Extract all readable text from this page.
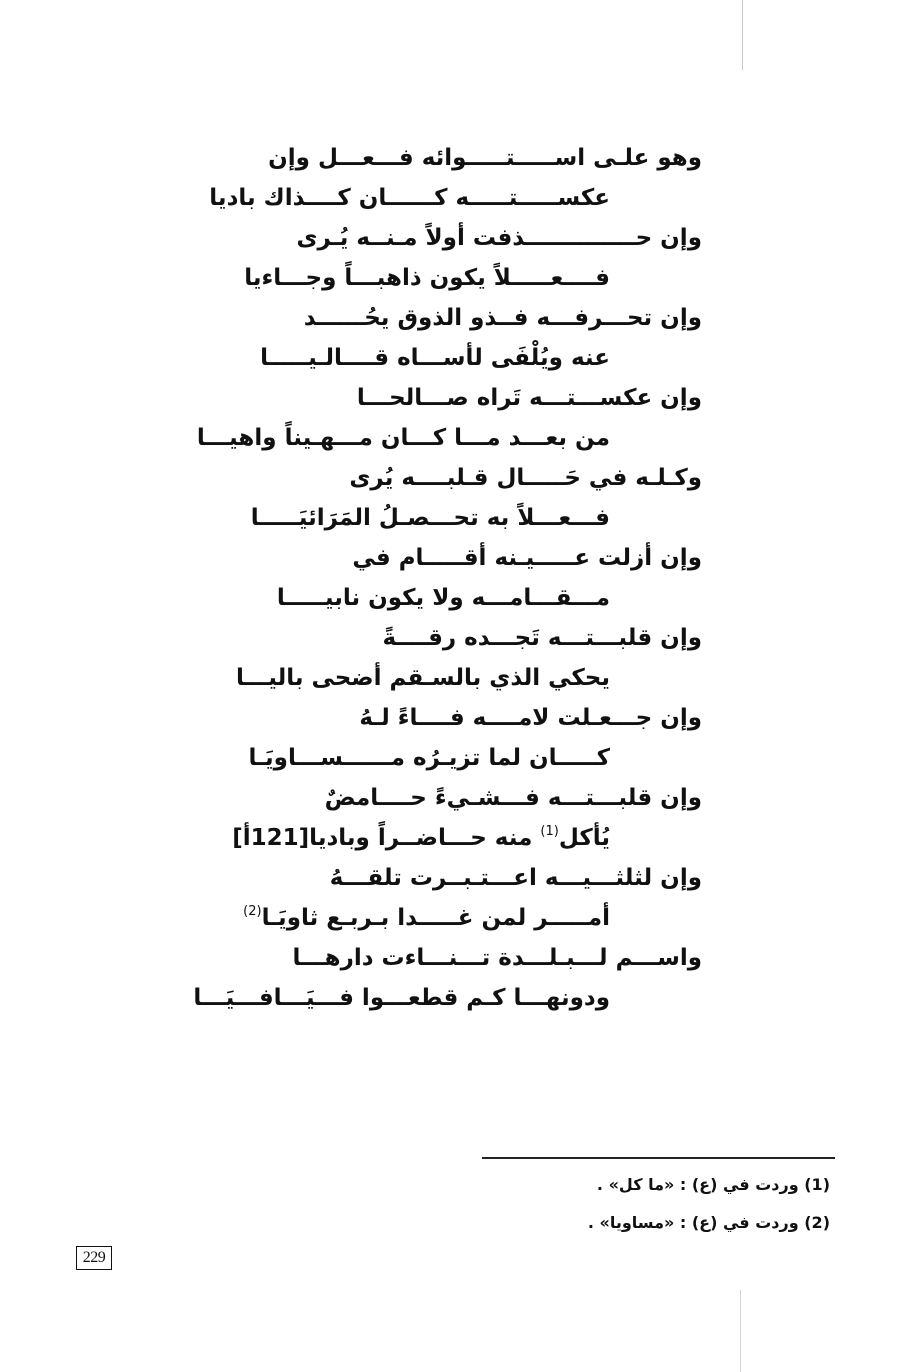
وهو علـى اســـــتـــــوائه فـــعـــل وإن
عكســـــتـــــه كــــــان كــــذاك باديا
وإن حــــــــــــــذفت أولاً مـنــه يُـرى
فــــعـــــلاً يكون ذاهبـــاً وجـــاءيا
وإن تحـــرفـــه فــذو الذوق يحُــــــد
عنه ويُلْفَى لأســـاه قــــالـيـــــا
وإن عكســـتـــه تَراه صـــالحـــا
من بعـــد مـــا كـــان مـــهـيناً واهيـــا
وكـلـه في حَـــــال قـلبــــه يُرى
فـــعـــلاً به تحـــصـلُ المَرَائيَـــــا
وإن أزلت عـــــيـنه أقـــــام في
مـــقـــامـــه ولا يكون نابيـــــا
وإن قلبـــتـــه تَجـــده رقــــةً
يحكي الذي بالسـقم أضحى باليـــا
وإن جـــعـلت لامــــه فــــاءً لـهُ
كـــــان لما تزيـرُه مــــــســـاويَـا
وإن قلبـــتـــه فـــشـيءً حــــامضٌ
يُأكل$^{(1)}$ منه حـــاضــراً وباديا[121أ]
وإن لثلثـــيـــه اعـــتـبــرت تلقـــهُ
أمـــــر لمن غـــــدا بـربـع ثاويَـا$^{(2)}$
واســـم لـــبـلـــدة تـــنـــاءت دارهـــا
ودونهـــا كـم قطعـــوا فـــيَـــافـــيَـــا
(1) وردت في (ع) : «ما كل» .
(2) وردت في (ع) : «مساويا» .
229
